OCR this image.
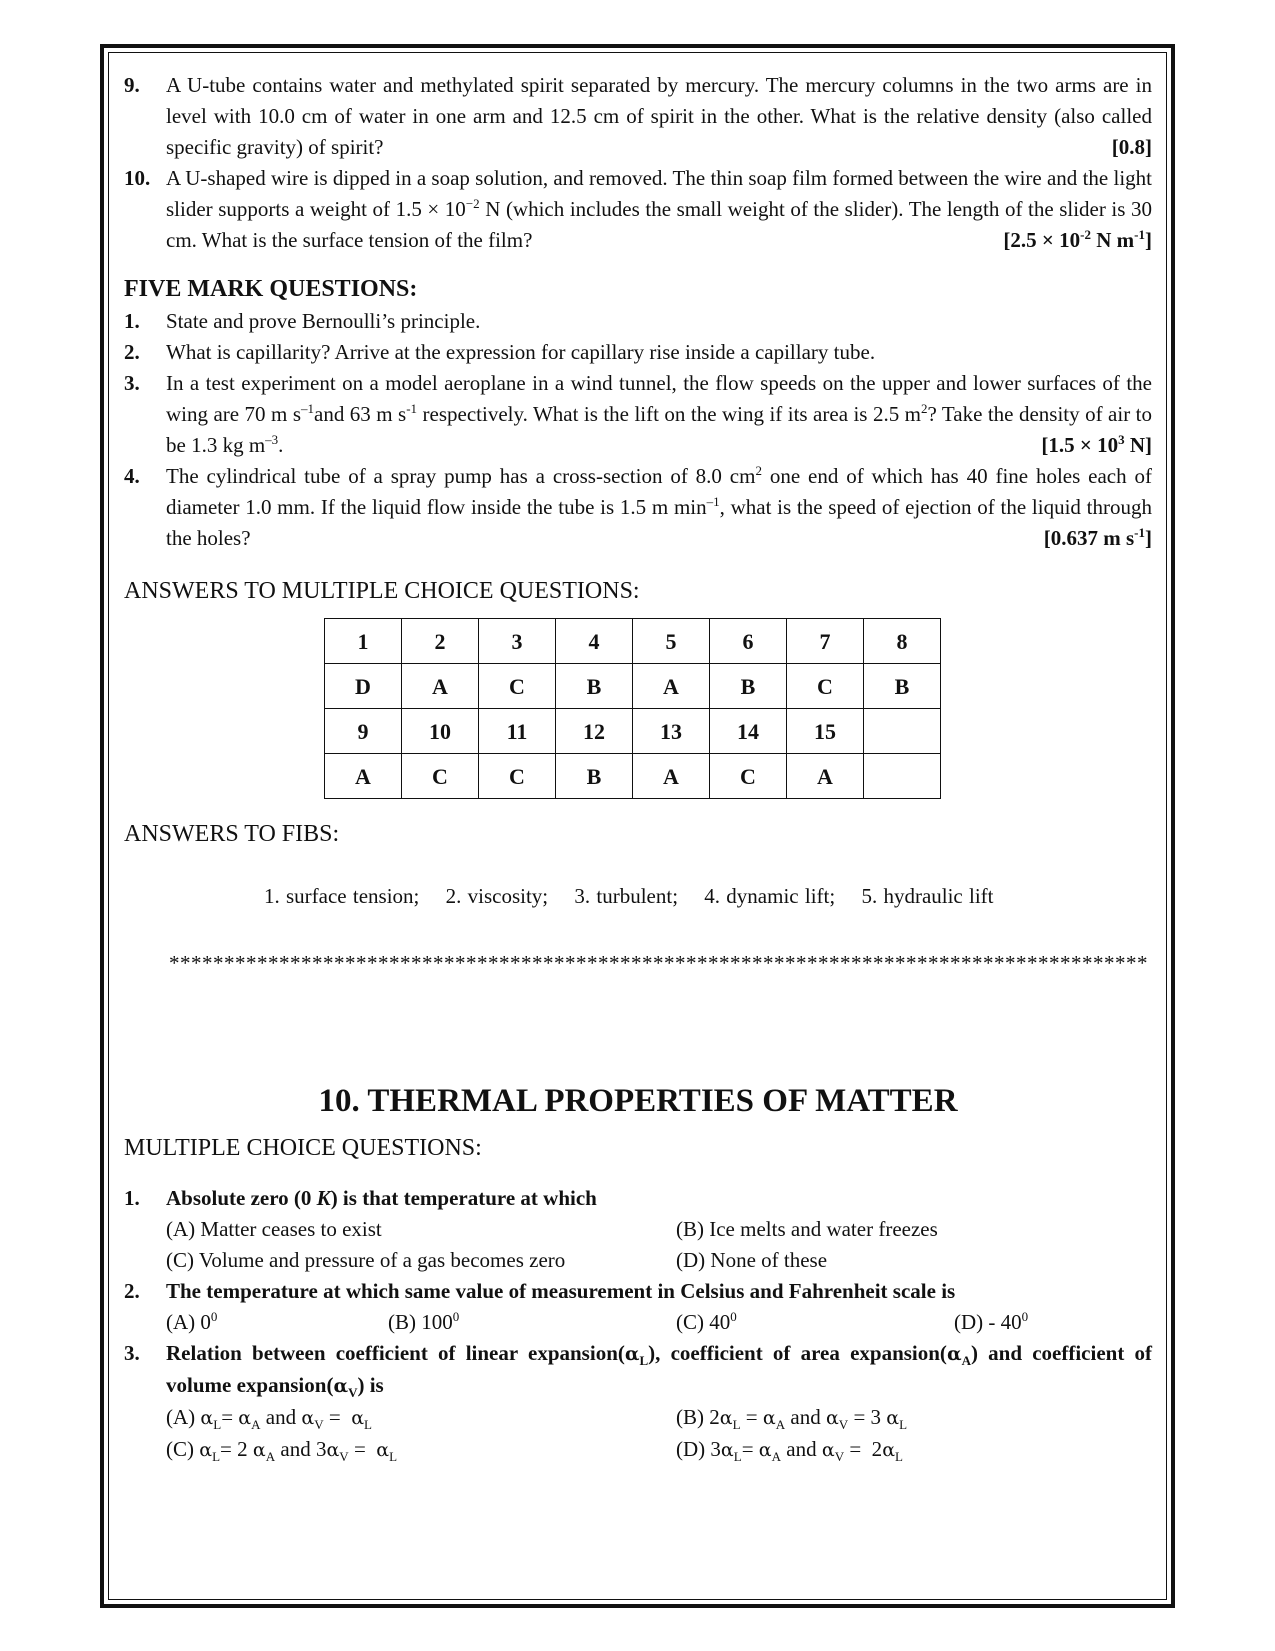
9.	A U-tube contains water and methylated spirit separated by mercury. The mercury columns in the two arms are in level with 10.0 cm of water in one arm and 12.5 cm of spirit in the other. What is the relative density (also called specific gravity) of spirit?	[0.8]
10. A U-shaped wire is dipped in a soap solution, and removed. The thin soap film formed between the wire and the light slider supports a weight of $1.5 \times 10^{-2}$ N (which includes the small weight of the slider). The length of the slider is 30 cm. What is the surface tension of the film?	[$2.5 \times 10^{-2}$ N $m^{-1}$]
FIVE MARK QUESTIONS:
1.	State and prove Bernoulli’s principle.
2.	What is capillarity? Arrive at the expression for capillary rise inside a capillary tube.
3.	In a test experiment on a model aeroplane in a wind tunnel, the flow speeds on the upper and lower surfaces of the wing are 70 m $s^{-1}and$ 63 m $s^{-1}$ respectively. What is the lift on the wing if its area is 2.5 $m^2$? Take the density of air to be 1.3 kg $m^{-3}$.	[$1.5 \times 10^3$ N]
4.	The cylindrical tube of a spray pump has a cross-section of 8.0 $cm^2$ one end of which has 40 fine holes each of diameter 1.0 mm. If the liquid flow inside the tube is 1.5 m $\min^{-1}$, what is the speed of ejection of the liquid through the holes?	[0.637 m $s^{-1}$]
ANSWERS TO MULTIPLE CHOICE QUESTIONS:
1	2	3	4	5	6	7	8
D	A	C	B	A	B	C	B
9	10	11	12	13	14	15	
A	C	C	B	A	C	A	
ANSWERS TO FIBS:
1. surface tension; 2. viscosity; 3. turbulent; 4. dynamic lift; 5. hydraulic lift
*****************************************************************************************
10. THERMAL PROPERTIES OF MATTER
MULTIPLE CHOICE QUESTIONS:
1.	Absolute zero (0 K) is that temperature at which
(A) Matter ceases to exist	(B) Ice melts and water freezes
(C) Volume and pressure of a gas becomes zero	(D) None of these
2.	The temperature at which same value of measurement in Celsius and Fahrenheit scale is
(A) $0^0$	(B) $100^0$	(C) $40^0$	$(D) - 40^0$
3.	Relation between coefficient of linear $expansion(\alpha_L)$, coefficient of area $expansion(\alpha_A)$ and coefficient of volume $expansion(\alpha_V)$ is
(A) $\alpha_L= \alpha_A$ and $\alpha_V = \alpha_L$	(B) $2\alpha_L = \alpha_A$ and $\alpha_V = 3$ $\alpha_L$
(C) $\alpha_L= 2$ $\alpha_A$ and $3\alpha_V = \alpha_L$	(D) $3\alpha_L= \alpha_A$ and $\alpha_V = 2\alpha_L$
